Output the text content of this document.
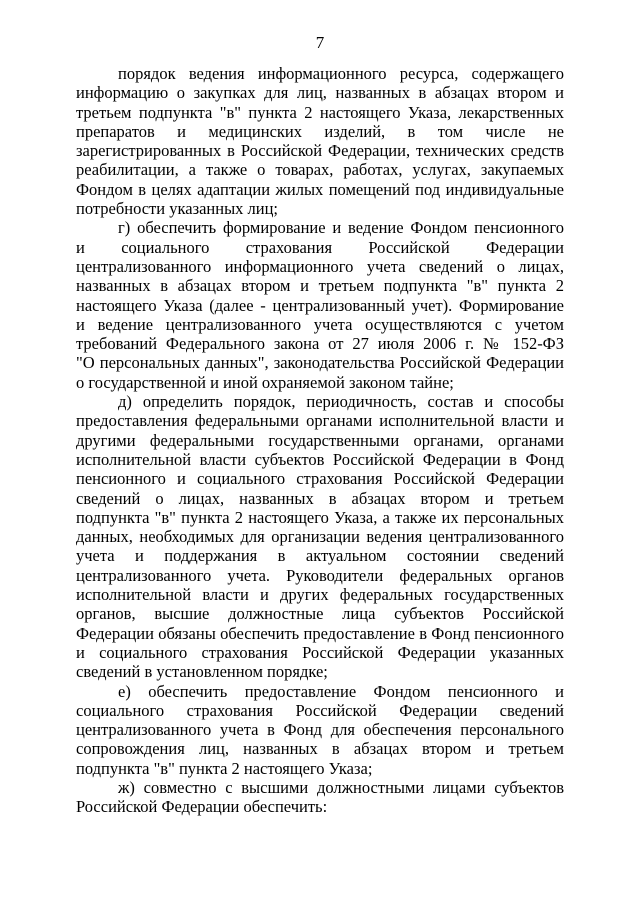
7
порядок ведения информационного ресурса, содержащего
информацию о закупках для лиц, названных в абзацах втором и
третьем подпункта "в" пункта 2 настоящего Указа, лекарственных
препаратов и медицинских изделий, в том числе не
зарегистрированных в Российской Федерации, технических средств
реабилитации, а также о товарах, работах, услугах, закупаемых
Фондом в целях адаптации жилых помещений под индивидуальные
потребности указанных лиц;
г) обеспечить формирование и ведение Фондом пенсионного
и социального страхования Российской Федерации
централизованного информационного учета сведений о лицах,
названных в абзацах втором и третьем подпункта "в" пункта 2
настоящего Указа (далее - централизованный учет). Формирование
и ведение централизованного учета осуществляются с учетом
требований Федерального закона от 27 июля 2006 г. № 152-ФЗ
"О персональных данных", законодательства Российской Федерации
о государственной и иной охраняемой законом тайне;
д) определить порядок, периодичность, состав и способы
предоставления федеральными органами исполнительной власти и
другими федеральными государственными органами, органами
исполнительной власти субъектов Российской Федерации в Фонд
пенсионного и социального страхования Российской Федерации
сведений о лицах, названных в абзацах втором и третьем
подпункта "в" пункта 2 настоящего Указа, а также их персональных
данных, необходимых для организации ведения централизованного
учета и поддержания в актуальном состоянии сведений
централизованного учета. Руководители федеральных органов
исполнительной власти и других федеральных государственных
органов, высшие должностные лица субъектов Российской
Федерации обязаны обеспечить предоставление в Фонд пенсионного
и социального страхования Российской Федерации указанных
сведений в установленном порядке;
е) обеспечить предоставление Фондом пенсионного и
социального страхования Российской Федерации сведений
централизованного учета в Фонд для обеспечения персонального
сопровождения лиц, названных в абзацах втором и третьем
подпункта "в" пункта 2 настоящего Указа;
ж) совместно с высшими должностными лицами субъектов
Российской Федерации обеспечить:
